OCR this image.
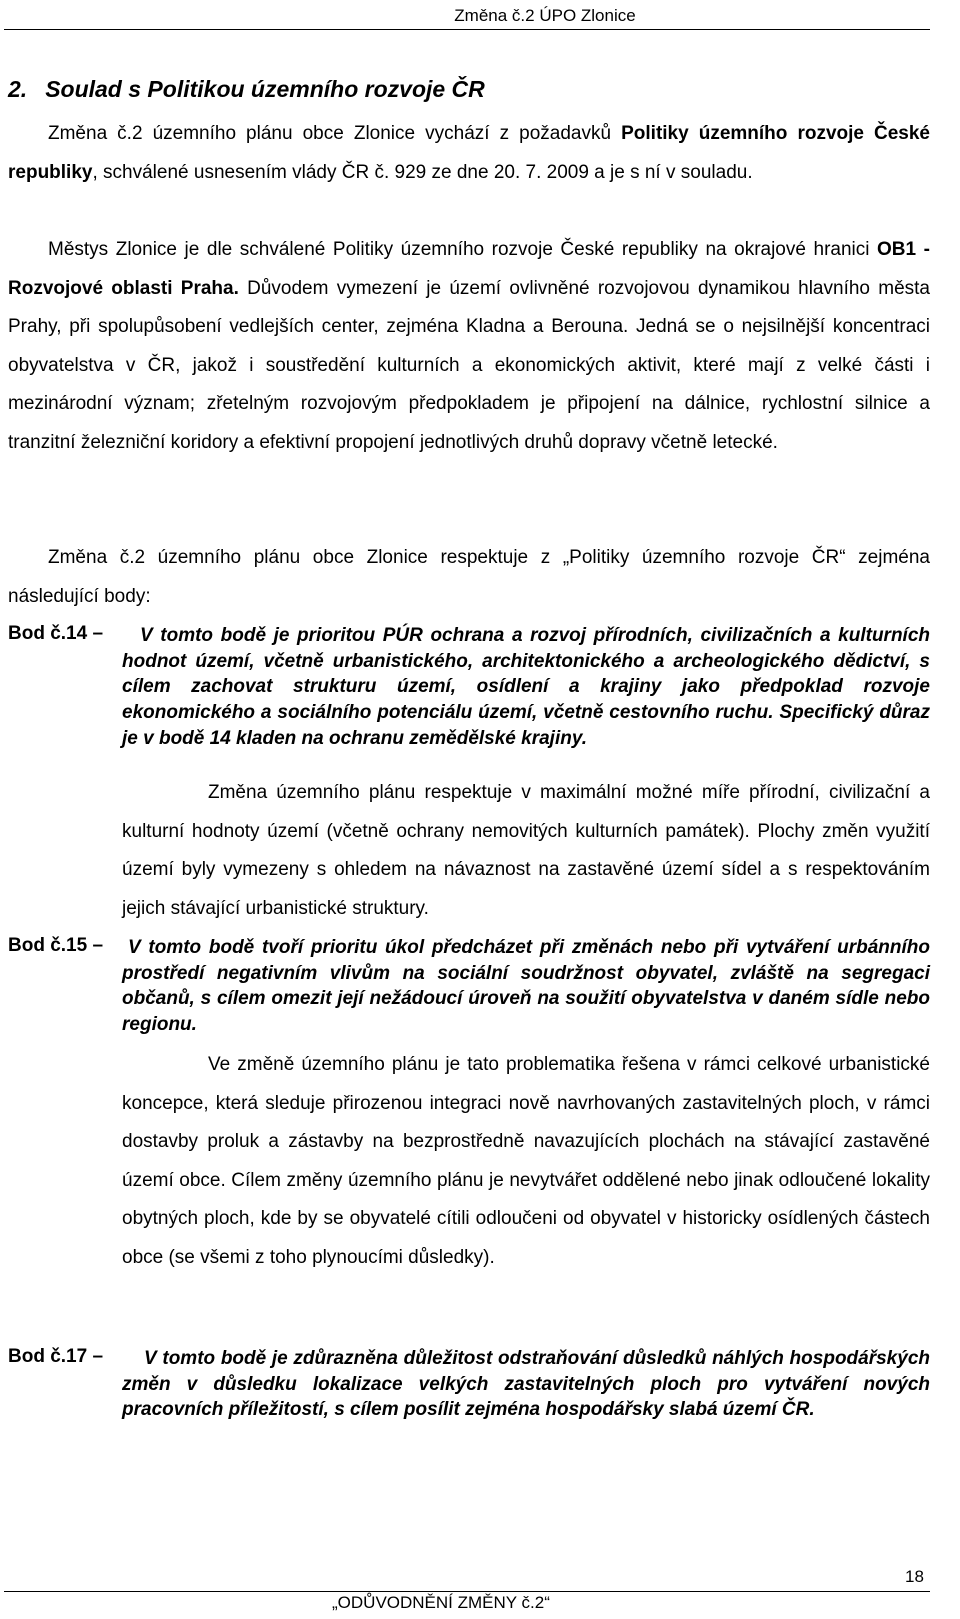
Změna č.2 ÚPO Zlonice
2. Soulad s Politikou územního rozvoje ČR

Změna č.2 územního plánu obce Zlonice vychází z požadavků Politiky územního rozvoje České republiky, schválené usnesením vlády ČR č. 929 ze dne 20. 7. 2009 a je s ní v souladu.

Městys Zlonice je dle schválené Politiky územního rozvoje České republiky na okrajové hranici OB1 - Rozvojové oblasti Praha. Důvodem vymezení je území ovlivněné rozvojovou dynamikou hlavního města Prahy, při spolupůsobení vedlejších center, zejména Kladna a Berouna. Jedná se o nejsilnější koncentraci obyvatelstva v ČR, jakož i soustředění kulturních a ekonomických aktivit, které mají z velké části i mezinárodní význam; zřetelným rozvojovým předpokladem je připojení na dálnice, rychlostní silnice a tranzitní železniční koridory a efektivní propojení jednotlivých druhů dopravy včetně letecké.

Změna č.2 územního plánu obce Zlonice respektuje z „Politiky územního rozvoje ČR“ zejména následující body:

Bod č.14 –	V tomto bodě je prioritou PÚR ochrana a rozvoj přírodních, civilizačních a kulturních hodnot území, včetně urbanistického, architektonického a archeologického dědictví, s cílem zachovat strukturu území, osídlení a krajiny jako předpoklad rozvoje ekonomického a sociálního potenciálu území, včetně cestovního ruchu. Specifický důraz je v bodě 14 kladen na ochranu zemědělské krajiny.

Změna územního plánu respektuje v maximální možné míře přírodní, civilizační a kulturní hodnoty území (včetně ochrany nemovitých kulturních památek). Plochy změn využití území byly vymezeny s ohledem na návaznost na zastavěné území sídel a s respektováním jejich stávající urbanistické struktury.

Bod č.15 –	V tomto bodě tvoří prioritu úkol předcházet při změnách nebo při vytváření urbánního prostředí negativním vlivům na sociální soudržnost obyvatel, zvláště na segregaci občanů, s cílem omezit její nežádoucí úroveň na soužití obyvatelstva v daném sídle nebo regionu.

Ve změně územního plánu je tato problematika řešena v rámci celkové urbanistické koncepce, která sleduje přirozenou integraci nově navrhovaných zastavitelných ploch, v rámci dostavby proluk a zástavby na bezprostředně navazujících plochách na stávající zastavěné území obce. Cílem změny územního plánu je nevytvářet oddělené nebo jinak odloučené lokality obytných ploch, kde by se obyvatelé cítili odloučeni od obyvatel v historicky osídlených částech obce (se všemi z toho plynoucími důsledky).

Bod č.17 –	V tomto bodě je zdůrazněna důležitost odstraňování důsledků náhlých hospodářských změn v důsledku lokalizace velkých zastavitelných ploch pro vytváření nových pracovních příležitostí, s cílem posílit zejména hospodářsky slabá území ČR.

18
„ODŮVODNĚNÍ ZMĚNY č.2“
